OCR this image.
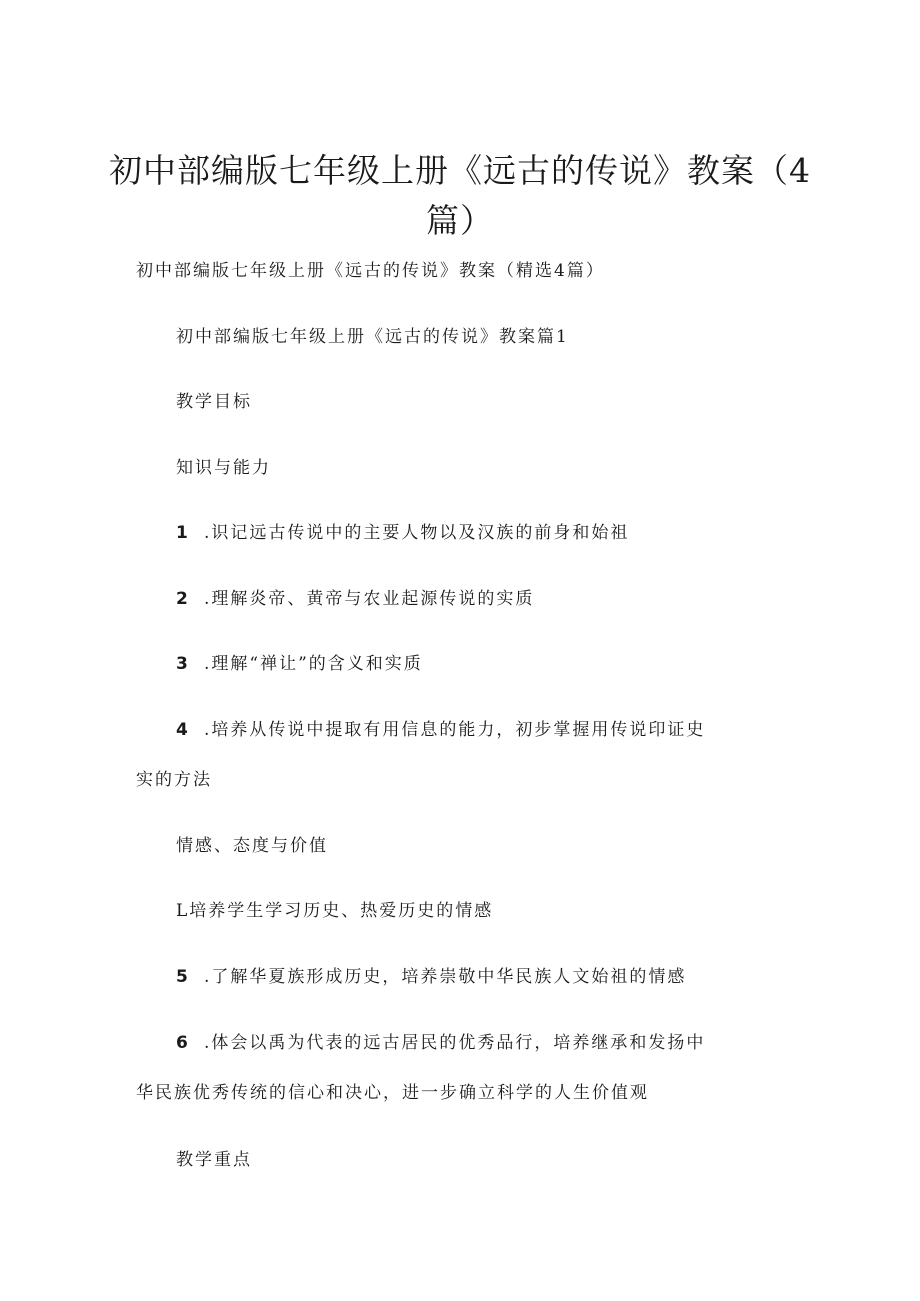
初中部编版七年级上册《远古的传说》教案（4篇）

初中部编版七年级上册《远古的传说》教案（精选4篇）

初中部编版七年级上册《远古的传说》教案篇1

教学目标

知识与能力

1 .识记远古传说中的主要人物以及汉族的前身和始祖

2 .理解炎帝、黄帝与农业起源传说的实质

3 .理解“禅让”的含义和实质

4 .培养从传说中提取有用信息的能力，初步掌握用传说印证史

实的方法

情感、态度与价值

L培养学生学习历史、热爱历史的情感

5 .了解华夏族形成历史，培养崇敬中华民族人文始祖的情感

6 .体会以禹为代表的远古居民的优秀品行，培养继承和发扬中

华民族优秀传统的信心和决心，进一步确立科学的人生价值观

教学重点
